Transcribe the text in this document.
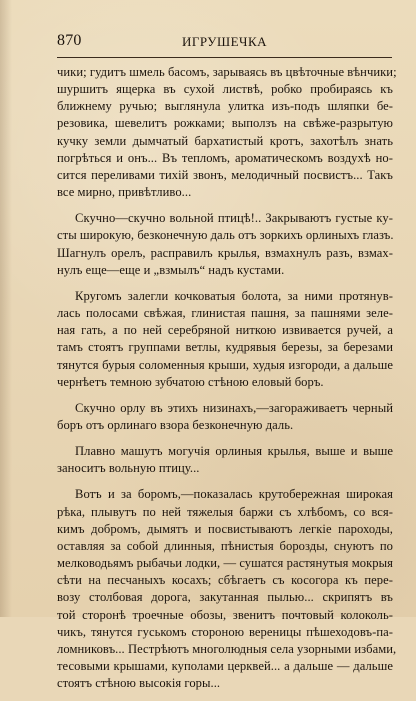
870	ИГРУШЕЧКА

чики; гудитъ шмель басомъ, зарываясь въ цвѣточные вѣнчики;
шуршитъ ящерка въ сухой листвѣ, робко пробираясь къ
ближнему ручью; выглянула улитка изъ-подъ шляпки бе-
резовика, шевелитъ рожками; выползъ на свѣже-разрытую
кучку земли дымчатый бархатистый кротъ, захотѣлъ знать
погрѣться и онъ... Въ тепломъ, ароматическомъ воздухѣ но-
сится переливами тихій звонъ, мелодичный посвистъ... Такъ
все мирно, привѣтливо...

Скучно—скучно вольной птицѣ!.. Закрываютъ густые ку-
сты широкую, безконечную даль отъ зоркихъ орлиныхъ глазъ.
Шагнулъ орелъ, расправилъ крылья, взмахнулъ разъ, взмах-
нулъ еще—еще и „взмылъ“ надъ кустами.

Кругомъ залегли кочковатыя болота, за ними протянув-
лась полосами свѣжая, глинистая пашня, за пашнями зеле-
ная гать, а по ней серебряной ниткою извивается ручей, а
тамъ стоятъ группами ветлы, кудрявыя березы, за березами
тянутся бурыя соломенныя крыши, худыя изгороди, а дальше
чернѣетъ темною зубчатою стѣною еловый боръ.

Скучно орлу въ этихъ низинахъ,—загораживаетъ черный
боръ отъ орлинаго взора безконечную даль.

Плавно машутъ могучія орлиныя крылья, выше и выше
заноситъ вольную птицу...

Вотъ и за боромъ,—показалась крутобережная широкая
рѣка, плывутъ по ней тяжелыя баржи съ хлѣбомъ, со вся-
кимъ добромъ, дымятъ и посвистываютъ легкіе пароходы,
оставляя за собой длинныя, пѣнистыя борозды, снуютъ по
мелководьямъ рыбачьи лодки, — сушатся растянутыя мокрыя
сѣти на песчаныхъ косахъ; сбѣгаетъ съ косогора къ пере-
возу столбовая дорога, закутанная пылью... скрипятъ въ
той сторонѣ троечные обозы, звенитъ почтовый колоколь-
чикъ, тянутся гуськомъ стороною вереницы пѣшеходовъ-па-
ломниковъ... Пестрѣютъ многолюдныя села узорными избами,
тесовыми крышами, куполами церквей... а дальше — дальше
стоятъ стѣною высокія горы...
